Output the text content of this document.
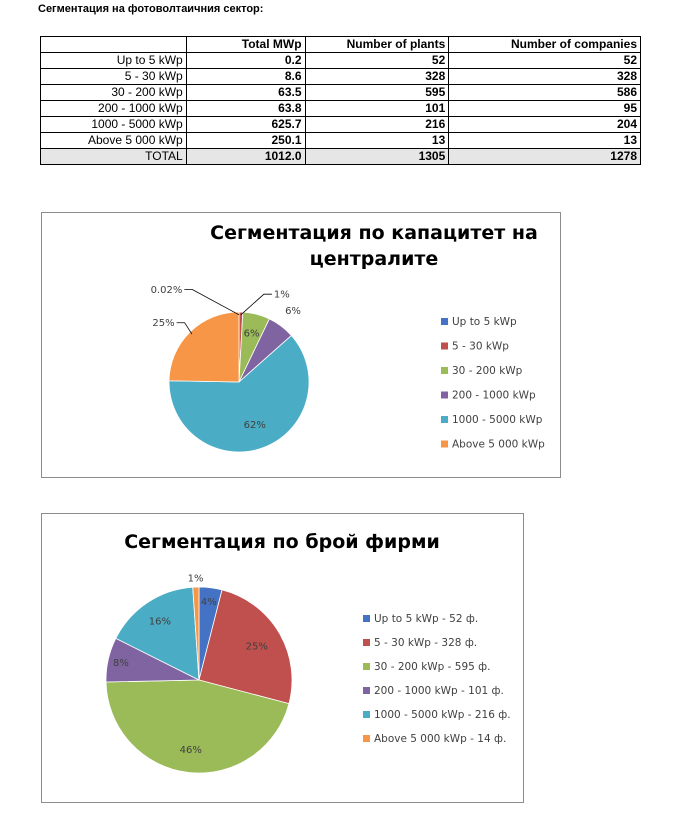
Сегментация на фотоволтаичния сектор:
	Total MWp	Number of plants	Number of companies
Up to 5 kWp	0.2	52	52
5 - 30 kWp	8.6	328	328
30 - 200 kWp	63.5	595	586
200 - 1000 kWp	63.8	101	95
1000 - 5000 kWp	625.7	216	204
Above 5 000 kWp	250.1	13	13
TOTAL	1012.0	1305	1278
Сегментация по капацитет на
централите
0.02%	1%
6%
6%
62%
25%	Up to 5 kWp
5 - 30 kWp
30 - 200 kWp
200 - 1000 kWp
1000 - 5000 kWp
Above 5 000 kWp
Сегментация по брой фирми
4%
25%
46%
8%
16%
1%
Up to 5 kWp - 52 ф.
5 - 30 kWp - 328 ф.
30 - 200 kWp - 595 ф.
200 - 1000 kWp - 101 ф.
1000 - 5000 kWp - 216 ф.
Above 5 000 kWp - 14 ф.
